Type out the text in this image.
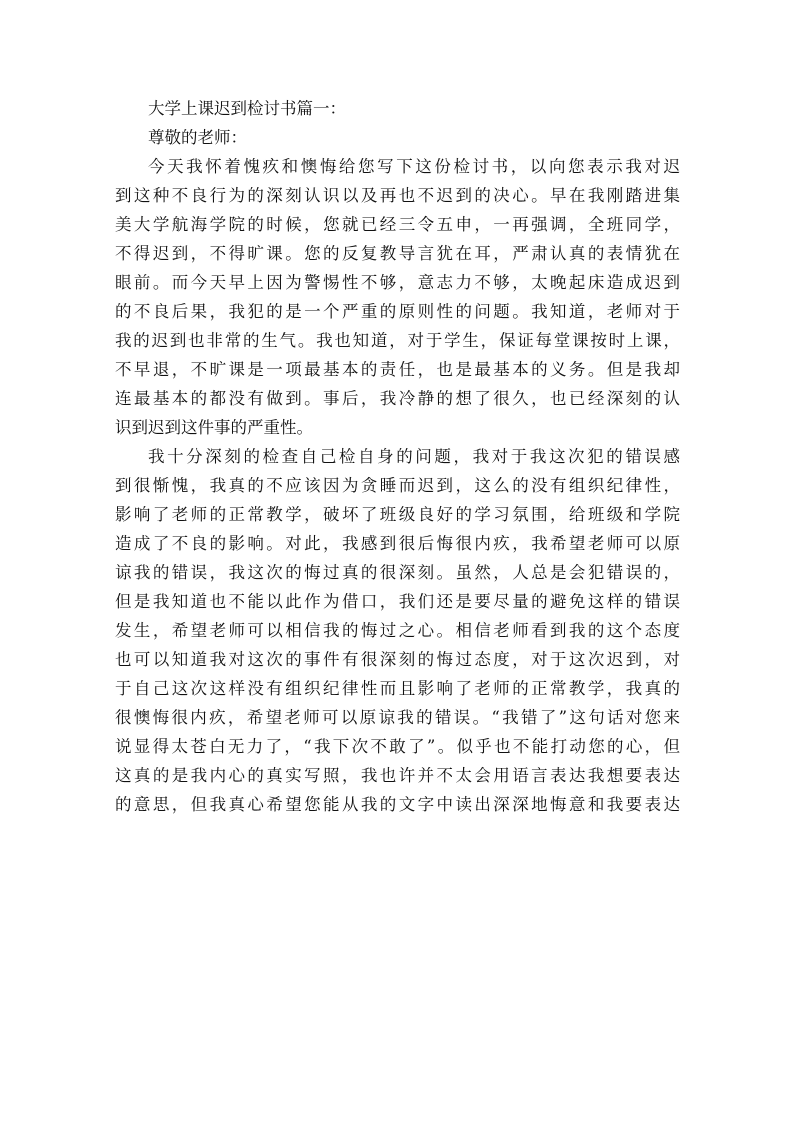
大学上课迟到检讨书篇一：
尊敬的老师：
今天我怀着愧疚和懊悔给您写下这份检讨书，以向您表示我对迟
到这种不良行为的深刻认识以及再也不迟到的决心。早在我刚踏进集
美大学航海学院的时候，您就已经三令五申，一再强调，全班同学，
不得迟到，不得旷课。您的反复教导言犹在耳，严肃认真的表情犹在
眼前。而今天早上因为警惕性不够，意志力不够，太晚起床造成迟到
的不良后果，我犯的是一个严重的原则性的问题。我知道，老师对于
我的迟到也非常的生气。我也知道，对于学生，保证每堂课按时上课，
不早退，不旷课是一项最基本的责任，也是最基本的义务。但是我却
连最基本的都没有做到。事后，我冷静的想了很久，也已经深刻的认
识到迟到这件事的严重性。
我十分深刻的检查自己检自身的问题，我对于我这次犯的错误感
到很惭愧，我真的不应该因为贪睡而迟到，这么的没有组织纪律性，
影响了老师的正常教学，破坏了班级良好的学习氛围，给班级和学院
造成了不良的影响。对此，我感到很后悔很内疚，我希望老师可以原
谅我的错误，我这次的悔过真的很深刻。虽然，人总是会犯错误的，
但是我知道也不能以此作为借口，我们还是要尽量的避免这样的错误
发生，希望老师可以相信我的悔过之心。相信老师看到我的这个态度
也可以知道我对这次的事件有很深刻的悔过态度，对于这次迟到，对
于自己这次这样没有组织纪律性而且影响了老师的正常教学，我真的
很懊悔很内疚，希望老师可以原谅我的错误。“我错了”这句话对您来
说显得太苍白无力了，“我下次不敢了”。似乎也不能打动您的心，但
这真的是我内心的真实写照，我也许并不太会用语言表达我想要表达
的意思，但我真心希望您能从我的文字中读出深深地悔意和我要表达
